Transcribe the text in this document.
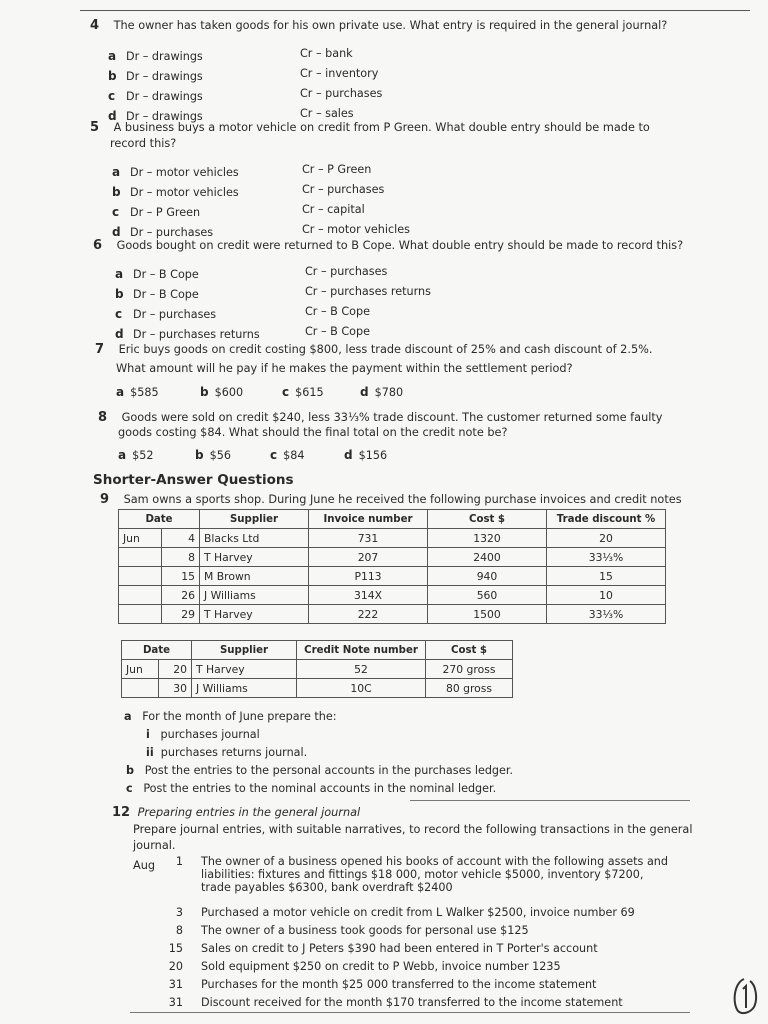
4 The owner has taken goods for his own private use. What entry is required in the general journal?
a Dr – drawings	Cr – bank
b Dr – drawings	Cr – inventory
c Dr – drawings	Cr – purchases
d Dr – drawings	Cr – sales
5 A business buys a motor vehicle on credit from P Green. What double entry should be made to
record this?
a Dr – motor vehicles	Cr – P Green
b Dr – motor vehicles	Cr – purchases
c Dr – P Green	Cr – capital
d Dr – purchases	Cr – motor vehicles
6 Goods bought on credit were returned to B Cope. What double entry should be made to record this?
a Dr – B Cope	Cr – purchases
b Dr – B Cope	Cr – purchases returns
c Dr – purchases	Cr – B Cope
d Dr – purchases returns	Cr – B Cope
7 Eric buys goods on credit costing $800, less trade discount of 25% and cash discount of 2.5%.
What amount will he pay if he makes the payment within the settlement period?
a $585	b $600	c $615	d $780
8 Goods were sold on credit $240, less 33⅓% trade discount. The customer returned some faulty
goods costing $84. What should the final total on the credit note be?
a $52	b $56	c $84	d $156
Shorter-Answer Questions
9 Sam owns a sports shop. During June he received the following purchase invoices and credit notes
Date		Supplier	Invoice number	Cost $	Trade discount %
Jun	4	Blacks Ltd	731	1320	20
	8	T Harvey	207	2400	33⅓%
	15	M Brown	P113	940	15
	26	J Williams	314X	560	10
	29	T Harvey	222	1500	33⅓%
Date		Supplier	Credit Note number	Cost $
Jun	20	T Harvey	52	270 gross
	30	J Williams	10C	80 gross
a For the month of June prepare the:
i purchases journal
ii purchases returns journal.
b Post the entries to the personal accounts in the purchases ledger.
c Post the entries to the nominal accounts in the nominal ledger.
12 Preparing entries in the general journal
Prepare journal entries, with suitable narratives, to record the following transactions in the general
journal.
Aug	1 The owner of a business opened his books of account with the following assets and
liabilities: fixtures and fittings $18 000, motor vehicle $5000, inventory $7200,
trade payables $6300, bank overdraft $2400
3 Purchased a motor vehicle on credit from L Walker $2500, invoice number 69
8 The owner of a business took goods for personal use $125
15 Sales on credit to J Peters $390 had been entered in T Porter's account
20 Sold equipment $250 on credit to P Webb, invoice number 1235
31 Purchases for the month $25 000 transferred to the income statement
31 Discount received for the month $170 transferred to the income statement
